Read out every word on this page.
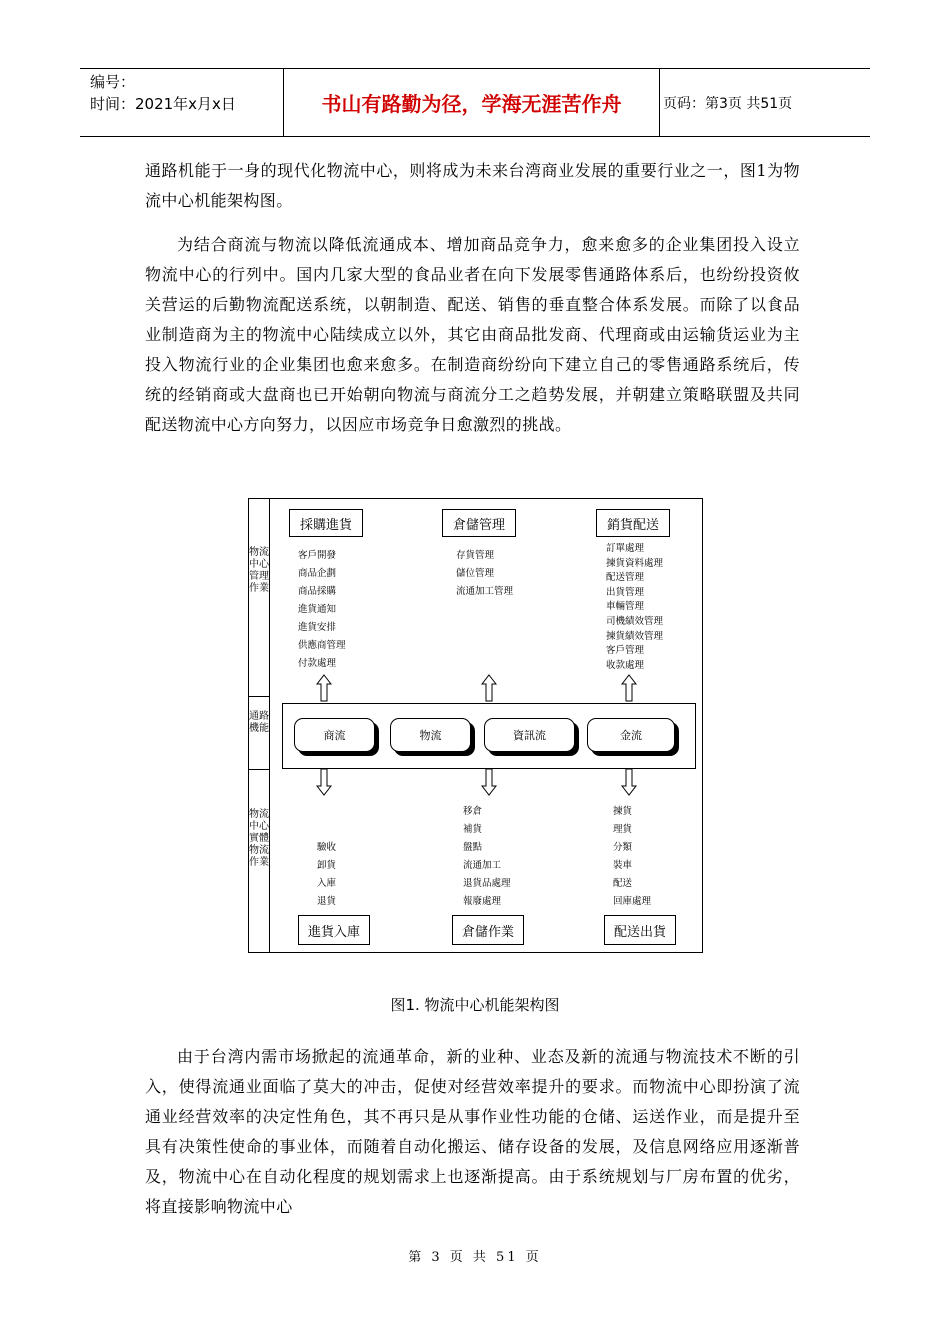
编号：
时间：2021年x月x日	书山有路勤为径，学海无涯苦作舟	页码：第3页 共51页
通路机能于一身的现代化物流中心，则将成为未来台湾商业发展的重要行业之一，图1为物流中心机能架构图。
为结合商流与物流以降低流通成本、增加商品竞争力，愈来愈多的企业集团投入设立物流中心的行列中。国内几家大型的食品业者在向下发展零售通路体系后，也纷纷投资攸关营运的后勤物流配送系统，以朝制造、配送、销售的垂直整合体系发展。而除了以食品业制造商为主的物流中心陆续成立以外，其它由商品批发商、代理商或由运输货运业为主投入物流行业的企业集团也愈来愈多。在制造商纷纷向下建立自己的零售通路系统后，传统的经销商或大盘商也已开始朝向物流与商流分工之趋势发展，并朝建立策略联盟及共同配送物流中心方向努力，以因应市场竞争日愈激烈的挑战。
物流中心管理作業
通路機能
物流中心實體物流作業
採購進貨	倉儲管理	銷貨配送
客戶開發
商品企劃
商品採購
進貨通知
進貨安排
供應商管理
付款處理
存貨管理
儲位管理
流通加工管理
訂單處理
揀貨資料處理
配送管理
出貨管理
車輛管理
司機績效管理
揀貨績效管理
客戶管理
收款處理
商流	物流	資訊流	金流
驗收
卸貨
入庫
退貨
移倉
補貨
盤點
流通加工
退貨品處理
報廢處理
揀貨
理貨
分類
裝車
配送
回庫處理
進貨入庫	倉儲作業	配送出貨
图1. 物流中心机能架构图
由于台湾内需市场掀起的流通革命，新的业种、业态及新的流通与物流技术不断的引入，使得流通业面临了莫大的冲击，促使对经营效率提升的要求。而物流中心即扮演了流通业经营效率的决定性角色，其不再只是从事作业性功能的仓储、运送作业，而是提升至具有决策性使命的事业体，而随着自动化搬运、储存设备的发展，及信息网络应用逐渐普及，物流中心在自动化程度的规划需求上也逐渐提高。由于系统规划与厂房布置的优劣，将直接影响物流中心
第 3 页 共 51 页
